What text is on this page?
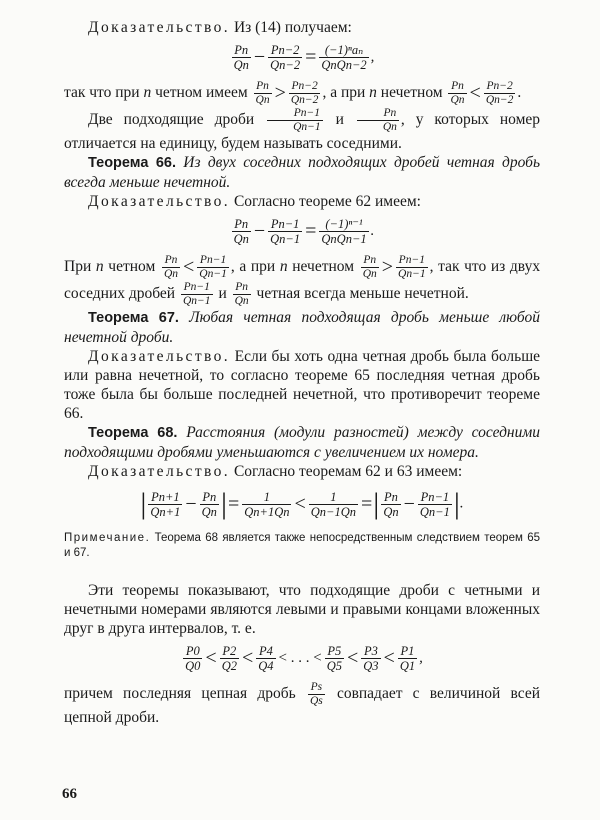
Доказательство. Из (14) получаем:

$\frac{Pn}{Qn} - \frac{Pn-2}{Qn-2} = \frac{\text{(−1)ⁿaₙ}}{\text{QnQn−2}}$ ,

так что при n четном имеем $\frac{Pn}{Qn} > \frac{Pn-2}{Qn-2}$ , а при n нечетном $\frac{Pn}{Qn} < \frac{Pn-2}{Qn-2}$ .

Две подходящие дроби $\frac{Pn-1}{Qn-1}$ и $\frac{Pn}{Qn}$ , у которых номер отличается на единицу, будем называть соседними.

Теорема 66. Из двух соседних подходящих дробей четная дробь всегда меньше нечетной.

Доказательство. Согласно теореме 62 имеем:

$\frac{Pn}{Qn} - \frac{Pn-1}{Qn-1} = \frac{\text{(−1)ⁿ⁻¹}}{\text{QnQn−1}}$ .

При n четном $\frac{Pn}{Qn} < \frac{Pn-1}{Qn-1}$ , а при n нечетном $\frac{Pn}{Qn} > \frac{Pn-1}{Qn-1}$ , так что из двух соседних дробей $\frac{Pn-1}{Qn-1}$ и $\frac{Pn}{Qn}$ четная всегда меньше нечетной.

Теорема 67. Любая четная подходящая дробь меньше любой нечетной дроби.

Доказательство. Если бы хоть одна четная дробь была больше или равна нечетной, то согласно теореме 65 последняя четная дробь тоже была бы больше последней нечетной, что противоречит теореме 66.

Теорема 68. Расстояния (модули разностей) между соседними подходящими дробями уменьшаются с увеличением их номера.

Доказательство. Согласно теоремам 62 и 63 имеем:

| $\frac{Pn+1}{Qn+1} - \frac{Pn}{Qn}$ |= $\frac{1}{Qn+1Qn} < \frac{1}{Qn-1Qn}$ =| $\frac{Pn}{Qn} - \frac{Pn-1}{Qn-1}$ |.

Примечание. Теорема 68 является также непосредственным следствием теорем 65 и 67.

Эти теоремы показывают, что подходящие дроби с четными и нечетными номерами являются левыми и правыми концами вложенных друг в друга интервалов, т. е.

$\frac{P0}{Q0} < \frac{P2}{Q2} < \frac{P4}{Q4}$ < . . . < $\frac{P5}{Q5} < \frac{P3}{Q3} < \frac{P1}{Q1}$ ,

причем последняя цепная дробь $\frac{Ps}{Qs}$ совпадает с величиной всей цепной дроби.

66
